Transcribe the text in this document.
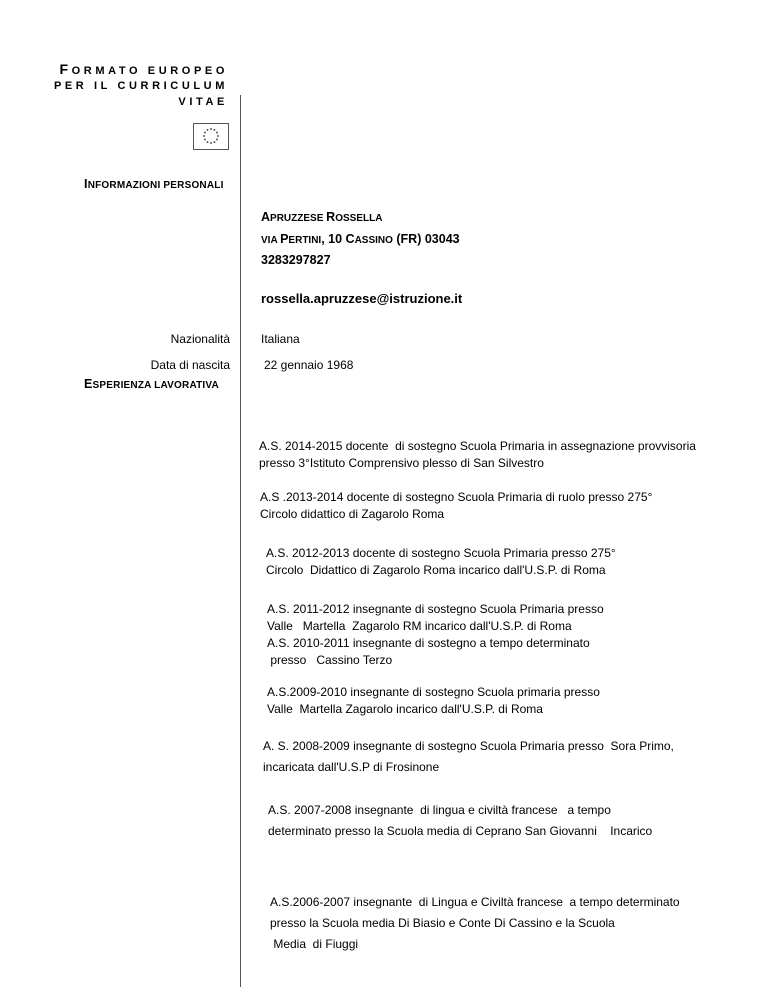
FORMATO EUROPEO
PER IL CURRICULUM
VITAE
INFORMAZIONI PERSONALI
APRUZZESE ROSSELLA
VIA PERTINI, 10 CASSINO (FR) 03043
3283297827
rossella.apruzzese@istruzione.it
Nazionalità	Italiana
Data di nascita	22 gennaio 1968
ESPERIENZA LAVORATIVA

A.S. 2014-2015 docente  di sostegno Scuola Primaria in assegnazione provvisoria
presso 3°Istituto Comprensivo plesso di San Silvestro

A.S .2013-2014 docente di sostegno Scuola Primaria di ruolo presso 275°
Circolo didattico di Zagarolo Roma

A.S. 2012-2013 docente di sostegno Scuola Primaria presso 275°
Circolo  Didattico di Zagarolo Roma incarico dall'U.S.P. di Roma

A.S. 2011-2012 insegnante di sostegno Scuola Primaria presso
Valle   Martella  Zagarolo RM incarico dall'U.S.P. di Roma

A.S. 2010-2011 insegnante di sostegno a tempo determinato
presso   Cassino Terzo

A.S.2009-2010 insegnante di sostegno Scuola primaria presso
Valle  Martella Zagarolo incarico dall'U.S.P. di Roma

A. S. 2008-2009 insegnante di sostegno Scuola Primaria presso  Sora Primo,
incaricata dall'U.S.P di Frosinone

A.S. 2007-2008 insegnante  di lingua e civiltà francese   a tempo
determinato presso la Scuola media di Ceprano San Giovanni    Incarico

A.S.2006-2007 insegnante  di Lingua e Civiltà francese  a tempo determinato
presso la Scuola media Di Biasio e Conte Di Cassino e la Scuola
Media  di Fiuggi
